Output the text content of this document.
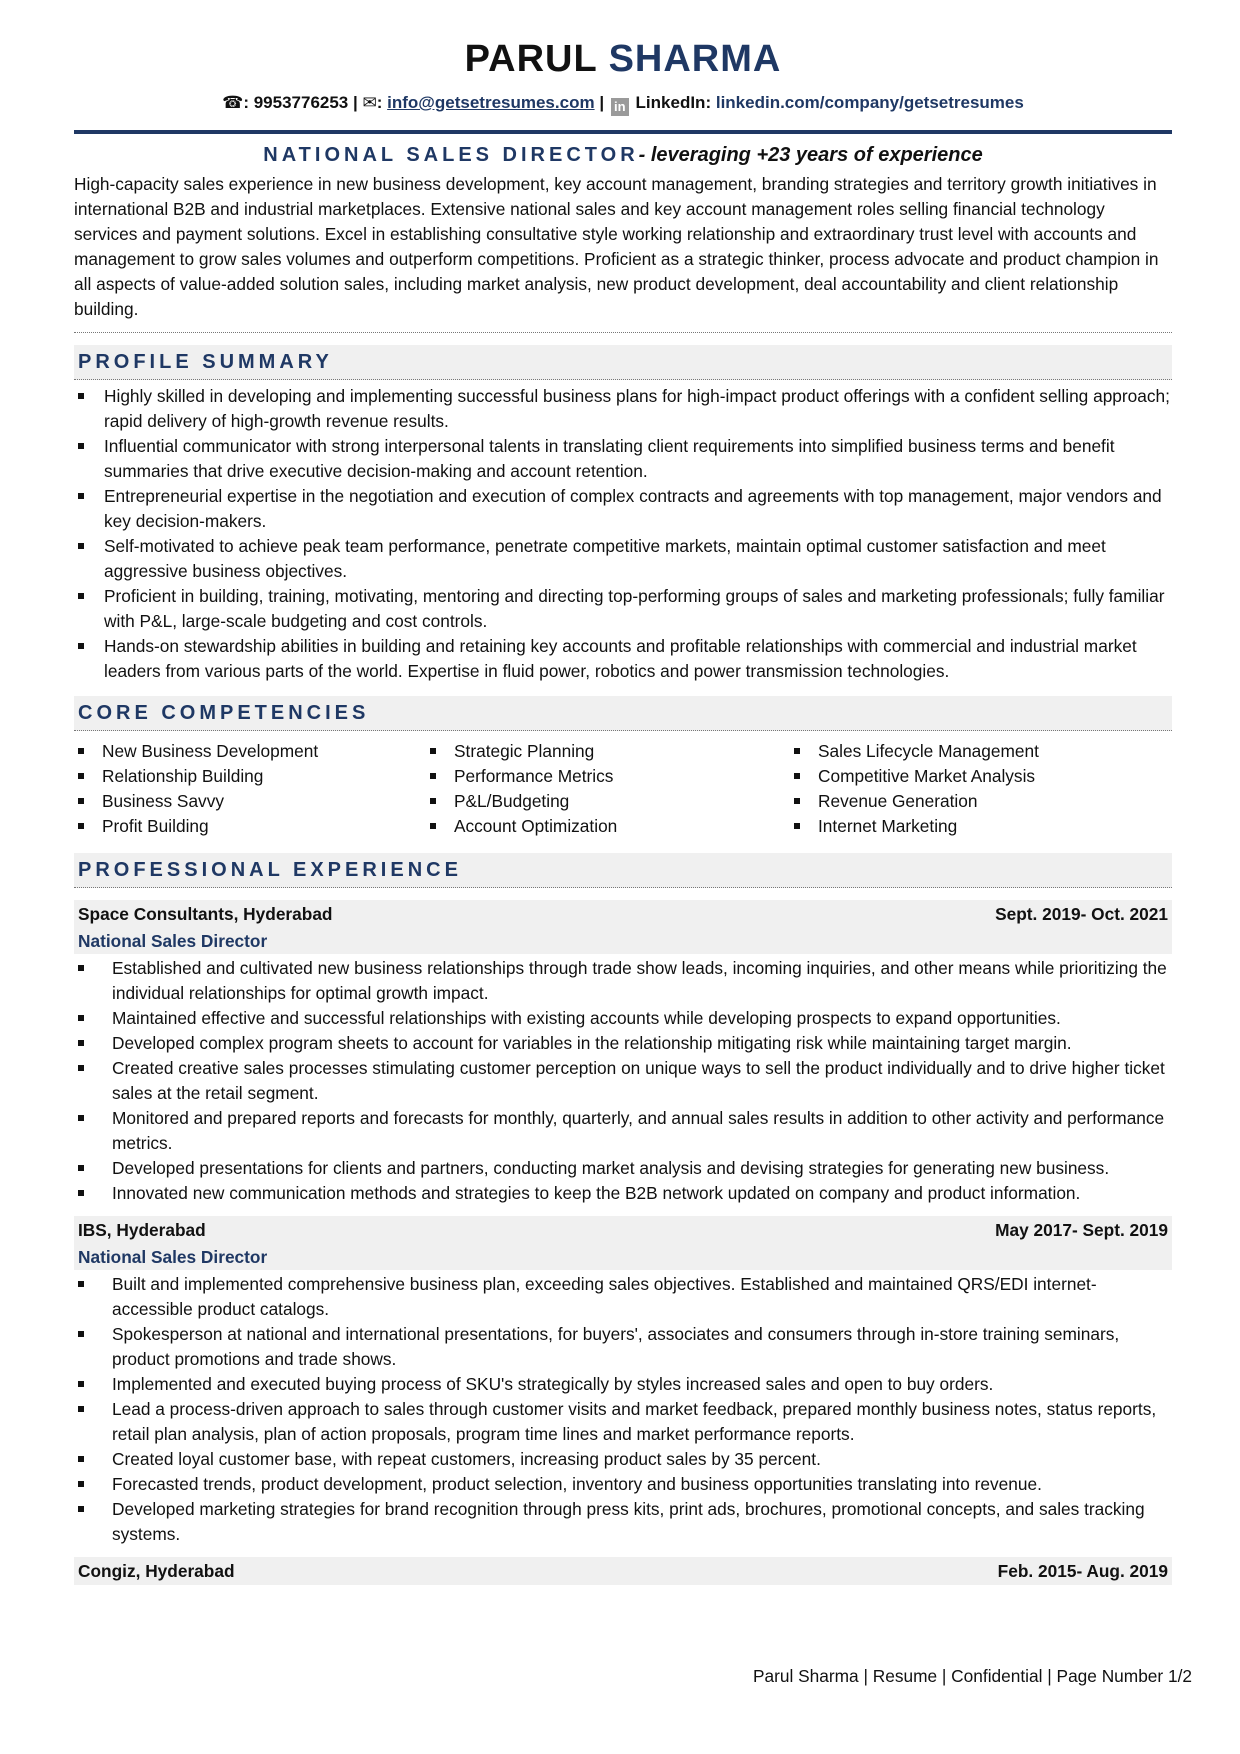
PARUL SHARMA
☎: 9953776253 | ✉: info@getsetresumes.com | in LinkedIn: linkedin.com/company/getsetresumes
NATIONAL SALES DIRECTOR- leveraging +23 years of experience
High-capacity sales experience in new business development, key account management, branding strategies and territory growth initiatives in international B2B and industrial marketplaces. Extensive national sales and key account management roles selling financial technology services and payment solutions. Excel in establishing consultative style working relationship and extraordinary trust level with accounts and management to grow sales volumes and outperform competitions. Proficient as a strategic thinker, process advocate and product champion in all aspects of value-added solution sales, including market analysis, new product development, deal accountability and client relationship building.
PROFILE SUMMARY
Highly skilled in developing and implementing successful business plans for high-impact product offerings with a confident selling approach; rapid delivery of high-growth revenue results.
Influential communicator with strong interpersonal talents in translating client requirements into simplified business terms and benefit summaries that drive executive decision-making and account retention.
Entrepreneurial expertise in the negotiation and execution of complex contracts and agreements with top management, major vendors and key decision-makers.
Self-motivated to achieve peak team performance, penetrate competitive markets, maintain optimal customer satisfaction and meet aggressive business objectives.
Proficient in building, training, motivating, mentoring and directing top-performing groups of sales and marketing professionals; fully familiar with P&L, large-scale budgeting and cost controls.
Hands-on stewardship abilities in building and retaining key accounts and profitable relationships with commercial and industrial market leaders from various parts of the world. Expertise in fluid power, robotics and power transmission technologies.
CORE COMPETENCIES
New Business Development
Relationship Building
Business Savvy
Profit Building
Strategic Planning
Performance Metrics
P&L/Budgeting
Account Optimization
Sales Lifecycle Management
Competitive Market Analysis
Revenue Generation
Internet Marketing
PROFESSIONAL EXPERIENCE
Space Consultants, Hyderabad	Sept. 2019- Oct. 2021
National Sales Director
Established and cultivated new business relationships through trade show leads, incoming inquiries, and other means while prioritizing the individual relationships for optimal growth impact.
Maintained effective and successful relationships with existing accounts while developing prospects to expand opportunities.
Developed complex program sheets to account for variables in the relationship mitigating risk while maintaining target margin.
Created creative sales processes stimulating customer perception on unique ways to sell the product individually and to drive higher ticket sales at the retail segment.
Monitored and prepared reports and forecasts for monthly, quarterly, and annual sales results in addition to other activity and performance metrics.
Developed presentations for clients and partners, conducting market analysis and devising strategies for generating new business.
Innovated new communication methods and strategies to keep the B2B network updated on company and product information.
IBS, Hyderabad	May 2017- Sept. 2019
National Sales Director
Built and implemented comprehensive business plan, exceeding sales objectives. Established and maintained QRS/EDI internet-accessible product catalogs.
Spokesperson at national and international presentations, for buyers', associates and consumers through in-store training seminars, product promotions and trade shows.
Implemented and executed buying process of SKU's strategically by styles increased sales and open to buy orders.
Lead a process-driven approach to sales through customer visits and market feedback, prepared monthly business notes, status reports, retail plan analysis, plan of action proposals, program time lines and market performance reports.
Created loyal customer base, with repeat customers, increasing product sales by 35 percent.
Forecasted trends, product development, product selection, inventory and business opportunities translating into revenue.
Developed marketing strategies for brand recognition through press kits, print ads, brochures, promotional concepts, and sales tracking systems.
Congiz, Hyderabad	Feb. 2015- Aug. 2019
Parul Sharma | Resume | Confidential | Page Number 1/2
